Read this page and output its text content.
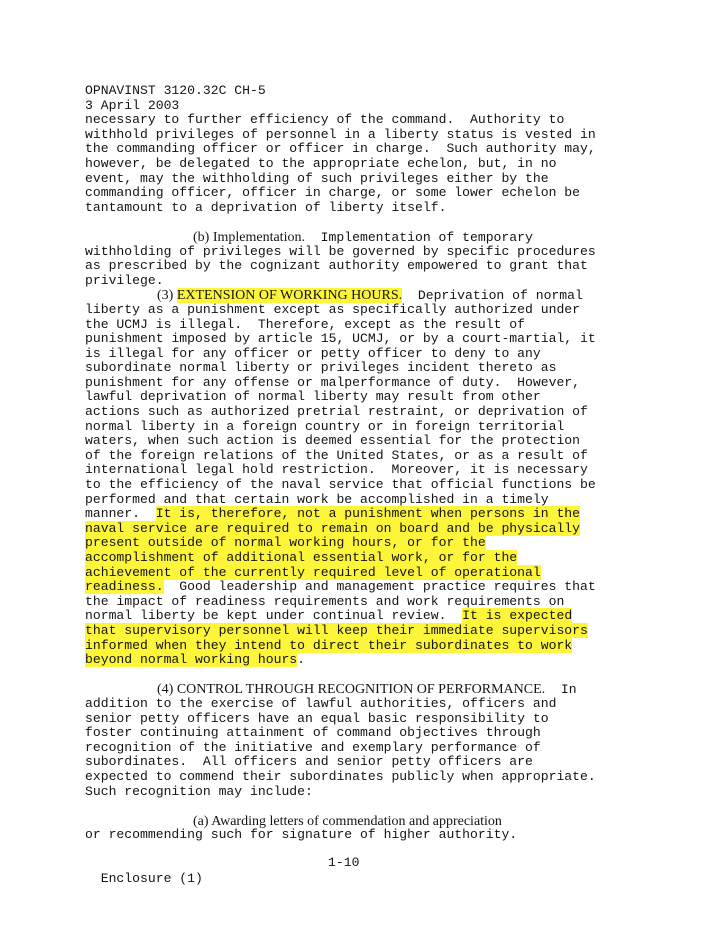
OPNAVINST 3120.32C CH-5
3 April 2003
necessary to further efficiency of the command.  Authority to
withhold privileges of personnel in a liberty status is vested in
the commanding officer or officer in charge.  Such authority may,
however, be delegated to the appropriate echelon, but, in no
event, may the withholding of such privileges either by the
commanding officer, officer in charge, or some lower echelon be
tantamount to a deprivation of liberty itself.
(b) Implementation.  Implementation of temporary
withholding of privileges will be governed by specific procedures
as prescribed by the cognizant authority empowered to grant that
privilege.
(3) EXTENSION OF WORKING HOURS.  Deprivation of normal
liberty as a punishment except as specifically authorized under
the UCMJ is illegal.  Therefore, except as the result of
punishment imposed by article 15, UCMJ, or by a court-martial, it
is illegal for any officer or petty officer to deny to any
subordinate normal liberty or privileges incident thereto as
punishment for any offense or malperformance of duty.  However,
lawful deprivation of normal liberty may result from other
actions such as authorized pretrial restraint, or deprivation of
normal liberty in a foreign country or in foreign territorial
waters, when such action is deemed essential for the protection
of the foreign relations of the United States, or as a result of
international legal hold restriction.  Moreover, it is necessary
to the efficiency of the naval service that official functions be
performed and that certain work be accomplished in a timely
manner.  It is, therefore, not a punishment when persons in the
naval service are required to remain on board and be physically
present outside of normal working hours, or for the
accomplishment of additional essential work, or for the
achievement of the currently required level of operational
readiness.  Good leadership and management practice requires that
the impact of readiness requirements and work requirements on
normal liberty be kept under continual review.  It is expected
that supervisory personnel will keep their immediate supervisors
informed when they intend to direct their subordinates to work
beyond normal working hours.
(4) CONTROL THROUGH RECOGNITION OF PERFORMANCE.  In
addition to the exercise of lawful authorities, officers and
senior petty officers have an equal basic responsibility to
foster continuing attainment of command objectives through
recognition of the initiative and exemplary performance of
subordinates.  All officers and senior petty officers are
expected to commend their subordinates publicly when appropriate.
Such recognition may include:
(a) Awarding letters of commendation and appreciation
or recommending such for signature of higher authority.

Enclosure (1)

1-10
